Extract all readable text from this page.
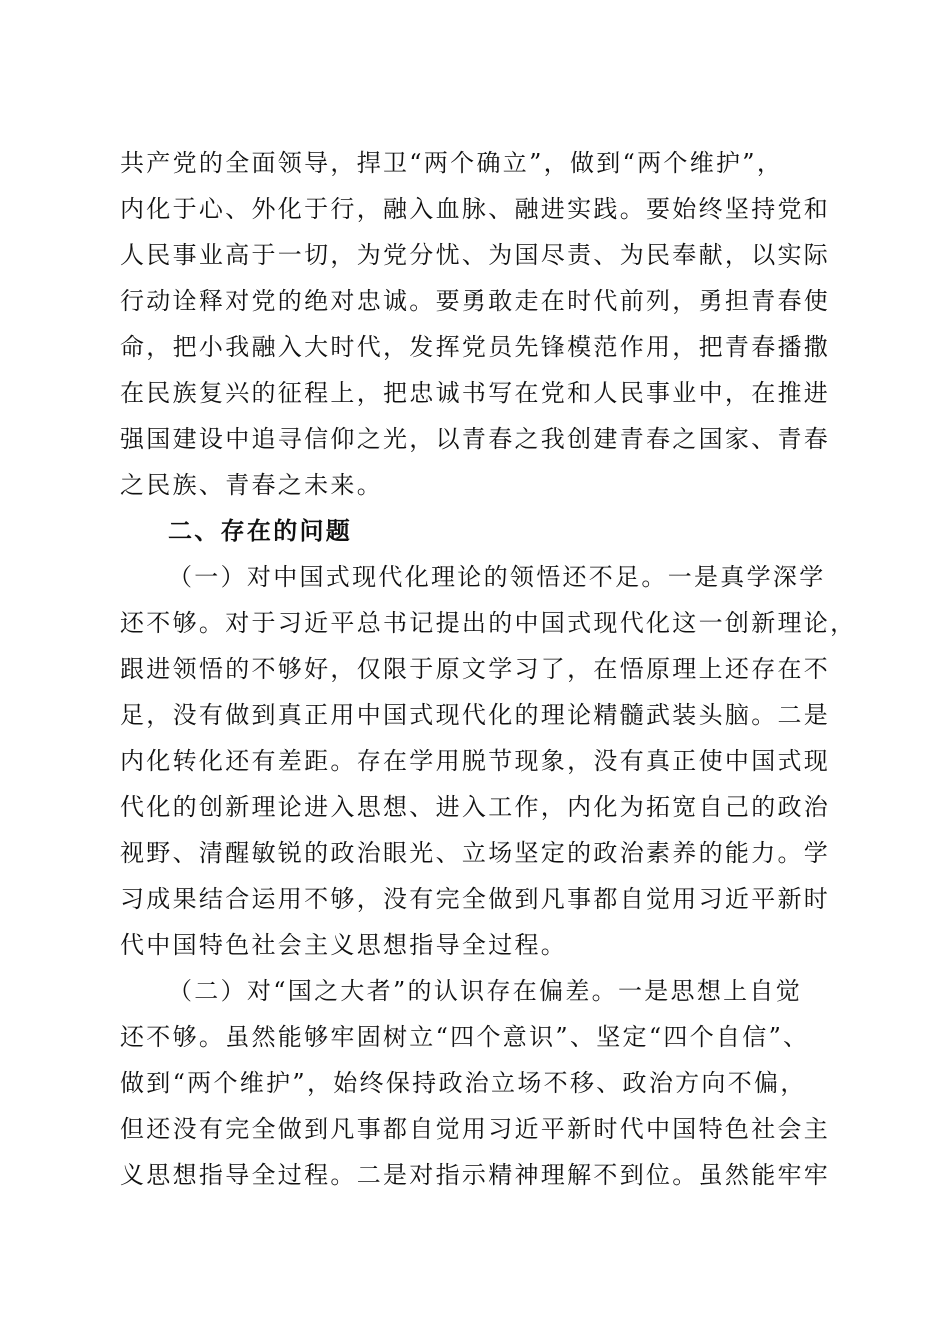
共产党的全面领导，捍卫“两个确立”，做到“两个维护”，
内化于心、外化于行，融入血脉、融进实践。要始终坚持党和
人民事业高于一切，为党分忧、为国尽责、为民奉献，以实际
行动诠释对党的绝对忠诚。要勇敢走在时代前列，勇担青春使
命，把小我融入大时代，发挥党员先锋模范作用，把青春播撒
在民族复兴的征程上，把忠诚书写在党和人民事业中，在推进
强国建设中追寻信仰之光，以青春之我创建青春之国家、青春
之民族、青春之未来。
二、存在的问题
（一）对中国式现代化理论的领悟还不足。一是真学深学
还不够。对于习近平总书记提出的中国式现代化这一创新理论，
跟进领悟的不够好，仅限于原文学习了，在悟原理上还存在不
足，没有做到真正用中国式现代化的理论精髓武装头脑。二是
内化转化还有差距。存在学用脱节现象，没有真正使中国式现
代化的创新理论进入思想、进入工作，内化为拓宽自己的政治
视野、清醒敏锐的政治眼光、立场坚定的政治素养的能力。学
习成果结合运用不够，没有完全做到凡事都自觉用习近平新时
代中国特色社会主义思想指导全过程。
（二）对“国之大者”的认识存在偏差。一是思想上自觉
还不够。虽然能够牢固树立“四个意识”、坚定“四个自信”、
做到“两个维护”，始终保持政治立场不移、政治方向不偏，
但还没有完全做到凡事都自觉用习近平新时代中国特色社会主
义思想指导全过程。二是对指示精神理解不到位。虽然能牢牢
